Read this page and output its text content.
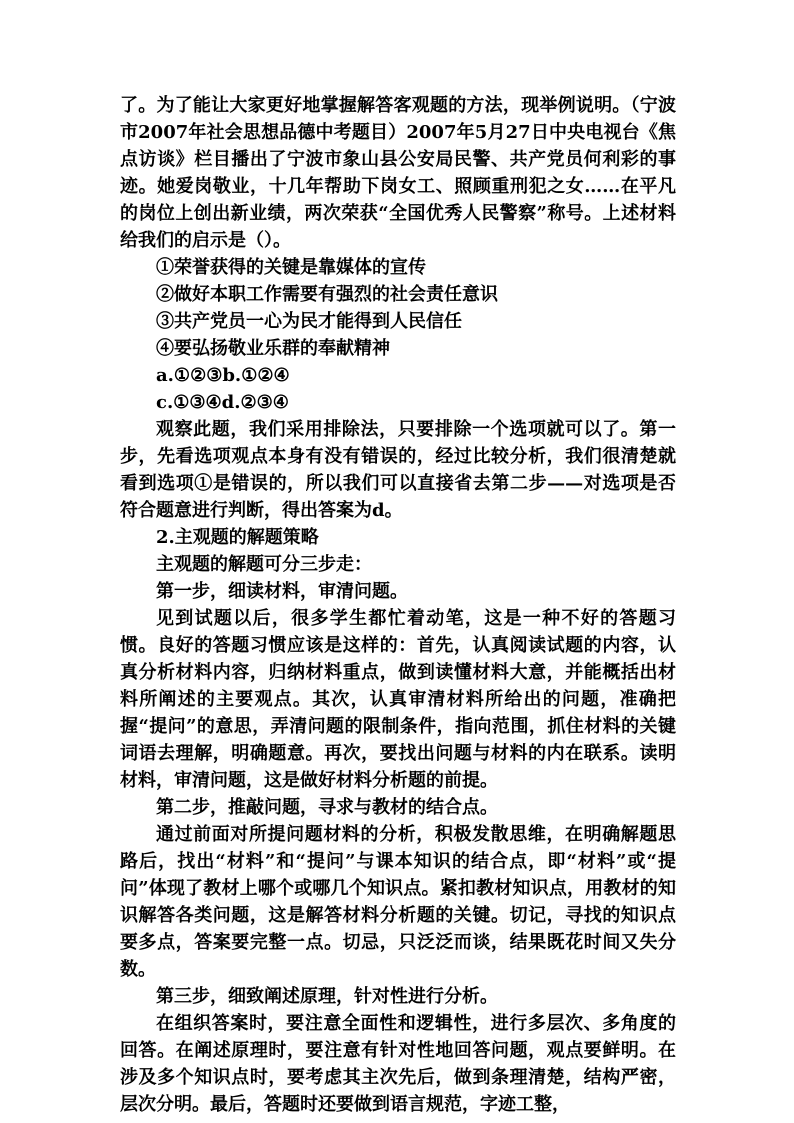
了。为了能让大家更好地掌握解答客观题的方法，现举例说明。（宁波市2007年社会思想品德中考题目）2007年5月27日中央电视台《焦点访谈》栏目播出了宁波市象山县公安局民警、共产党员何利彩的事迹。她爱岗敬业，十几年帮助下岗女工、照顾重刑犯之女……在平凡的岗位上创出新业绩，两次荣获“全国优秀人民警察”称号。上述材料给我们的启示是（）。

①荣誉获得的关键是靠媒体的宣传

②做好本职工作需要有强烈的社会责任意识

③共产党员一心为民才能得到人民信任

④要弘扬敬业乐群的奉献精神

a.①②③b.①②④

c.①③④d.②③④

观察此题，我们采用排除法，只要排除一个选项就可以了。第一步，先看选项观点本身有没有错误的，经过比较分析，我们很清楚就看到选项①是错误的，所以我们可以直接省去第二步——对选项是否符合题意进行判断，得出答案为d。

2.主观题的解题策略

主观题的解题可分三步走：

第一步，细读材料，审清问题。

见到试题以后，很多学生都忙着动笔，这是一种不好的答题习惯。良好的答题习惯应该是这样的：首先，认真阅读试题的内容，认真分析材料内容，归纳材料重点，做到读懂材料大意，并能概括出材料所阐述的主要观点。其次，认真审清材料所给出的问题，准确把握“提问”的意思，弄清问题的限制条件，指向范围，抓住材料的关键词语去理解，明确题意。再次，要找出问题与材料的内在联系。读明材料，审清问题，这是做好材料分析题的前提。

第二步，推敲问题，寻求与教材的结合点。

通过前面对所提问题材料的分析，积极发散思维，在明确解题思路后，找出“材料”和“提问”与课本知识的结合点，即“材料”或“提问”体现了教材上哪个或哪几个知识点。紧扣教材知识点，用教材的知识解答各类问题，这是解答材料分析题的关键。切记，寻找的知识点要多点，答案要完整一点。切忌，只泛泛而谈，结果既花时间又失分数。

第三步，细致阐述原理，针对性进行分析。

在组织答案时，要注意全面性和逻辑性，进行多层次、多角度的回答。在阐述原理时，要注意有针对性地回答问题，观点要鲜明。在涉及多个知识点时，要考虑其主次先后，做到条理清楚，结构严密，层次分明。最后，答题时还要做到语言规范，字迹工整，
